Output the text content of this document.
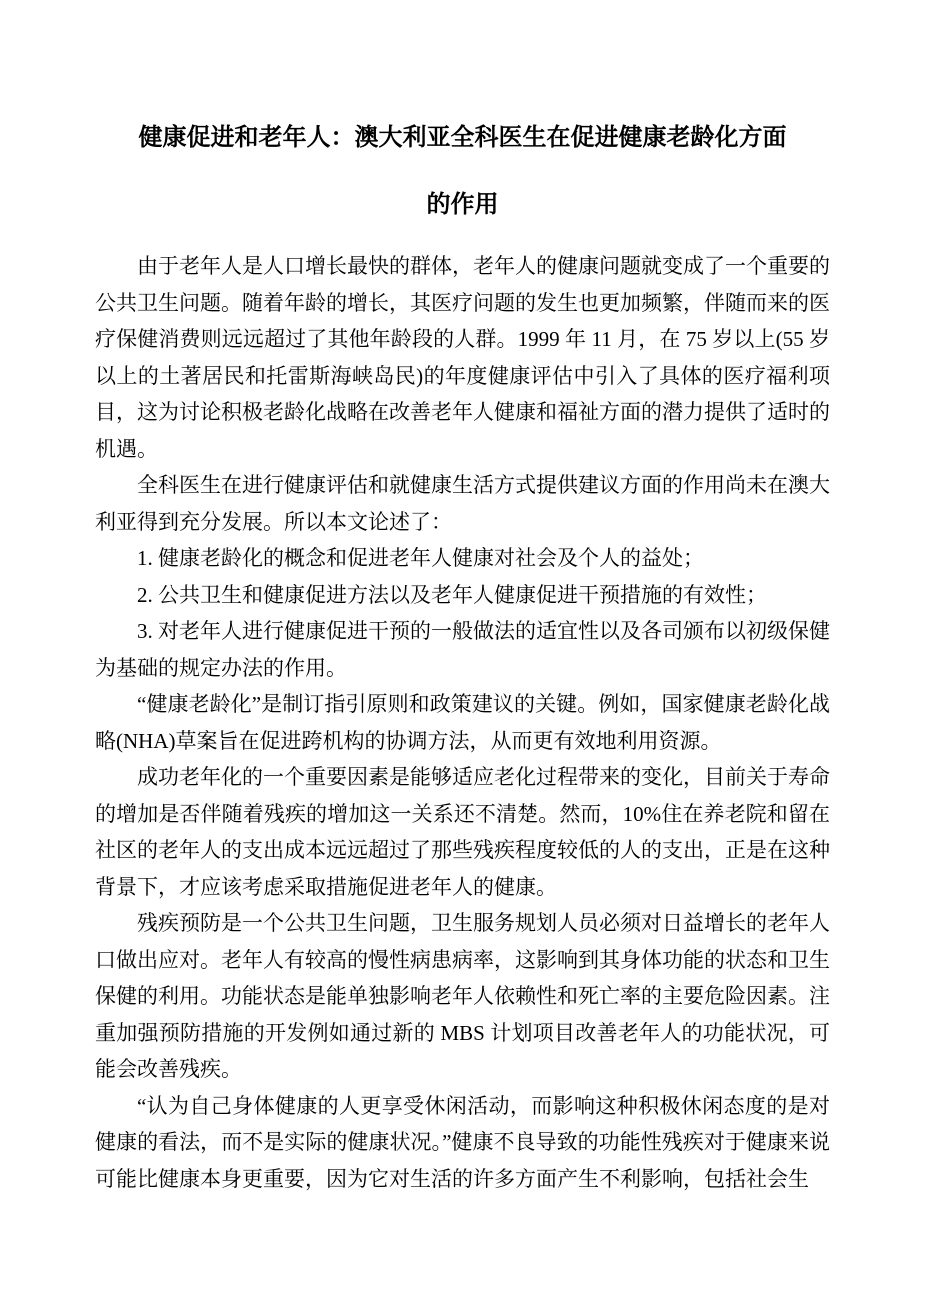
健康促进和老年人：澳大利亚全科医生在促进健康老龄化方面的作用

由于老年人是人口增长最快的群体，老年人的健康问题就变成了一个重要的公共卫生问题。随着年龄的增长，其医疗问题的发生也更加频繁，伴随而来的医疗保健消费则远远超过了其他年龄段的人群。1999 年 11 月，在 75 岁以上(55 岁以上的土著居民和托雷斯海峡岛民)的年度健康评估中引入了具体的医疗福利项目，这为讨论积极老龄化战略在改善老年人健康和福祉方面的潜力提供了适时的机遇。

全科医生在进行健康评估和就健康生活方式提供建议方面的作用尚未在澳大利亚得到充分发展。所以本文论述了：

1. 健康老龄化的概念和促进老年人健康对社会及个人的益处；

2. 公共卫生和健康促进方法以及老年人健康促进干预措施的有效性；

3. 对老年人进行健康促进干预的一般做法的适宜性以及各司颁布以初级保健为基础的规定办法的作用。

“健康老龄化”是制订指引原则和政策建议的关键。例如，国家健康老龄化战略(NHA)草案旨在促进跨机构的协调方法，从而更有效地利用资源。

成功老年化的一个重要因素是能够适应老化过程带来的变化，目前关于寿命的增加是否伴随着残疾的增加这一关系还不清楚。然而，10%住在养老院和留在社区的老年人的支出成本远远超过了那些残疾程度较低的人的支出，正是在这种背景下，才应该考虑采取措施促进老年人的健康。

残疾预防是一个公共卫生问题，卫生服务规划人员必须对日益增长的老年人口做出应对。老年人有较高的慢性病患病率，这影响到其身体功能的状态和卫生保健的利用。功能状态是能单独影响老年人依赖性和死亡率的主要危险因素。注重加强预防措施的开发例如通过新的 MBS 计划项目改善老年人的功能状况，可能会改善残疾。

“认为自己身体健康的人更享受休闲活动，而影响这种积极休闲态度的是对健康的看法，而不是实际的健康状况。”健康不良导致的功能性残疾对于健康来说可能比健康本身更重要，因为它对生活的许多方面产生不利影响，包括社会生
